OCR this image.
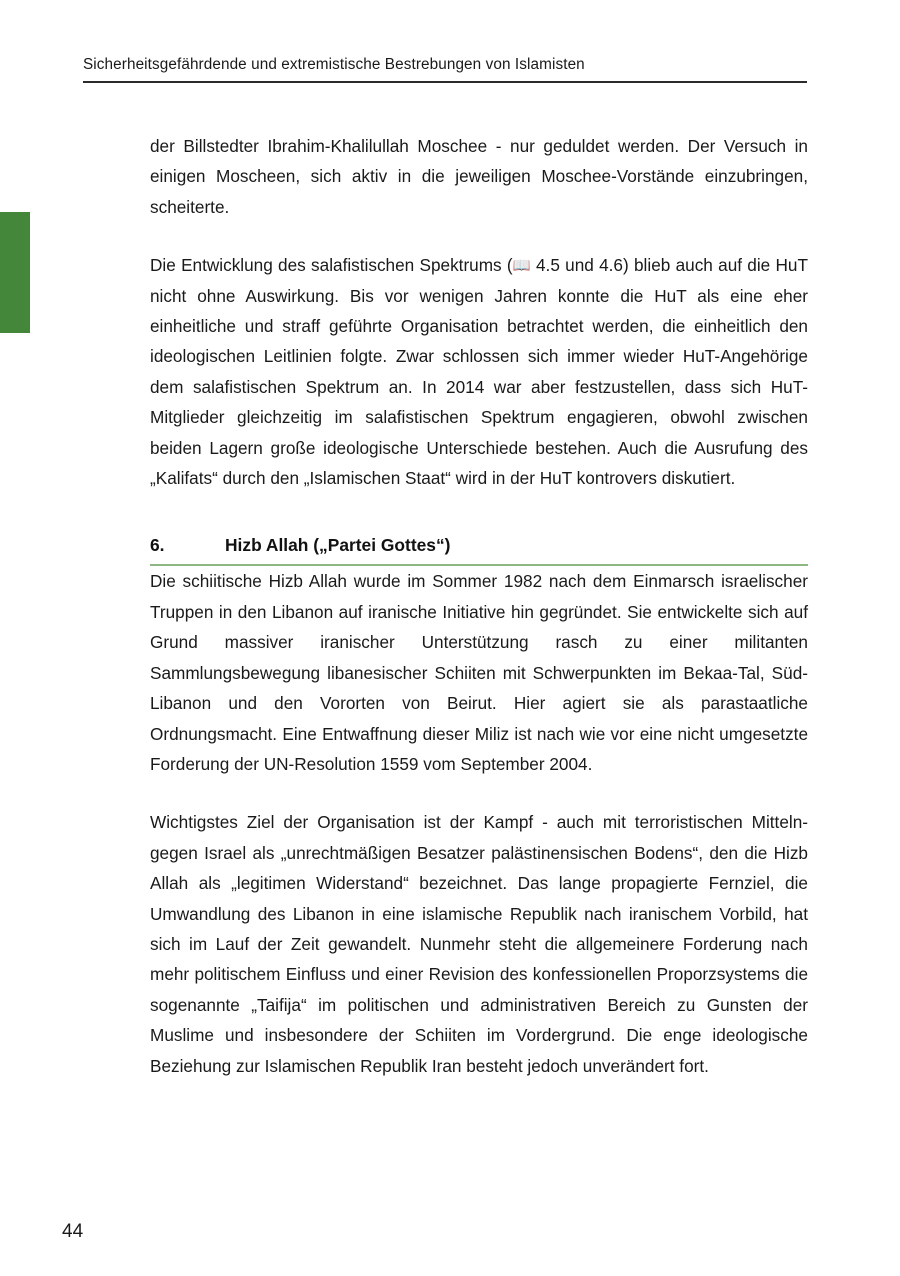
Sicherheitsgefährdende und extremistische Bestrebungen von Islamisten

der Billstedter Ibrahim-Khalilullah Moschee - nur geduldet werden. Der Versuch in einigen Moscheen, sich aktiv in die jeweiligen Moschee-Vorstände einzubringen, scheiterte.

Die Entwicklung des salafistischen Spektrums (📖 4.5 und 4.6) blieb auch auf die HuT nicht ohne Auswirkung. Bis vor wenigen Jahren konnte die HuT als eine eher einheitliche und straff geführte Organisation betrachtet werden, die einheitlich den ideologischen Leitlinien folgte. Zwar schlossen sich immer wieder HuT-Angehörige dem salafistischen Spektrum an. In 2014 war aber festzustellen, dass sich HuT-Mitglieder gleichzeitig im salafistischen Spektrum engagieren, obwohl zwischen beiden Lagern große ideologische Unterschiede bestehen. Auch die Ausrufung des „Kalifats“ durch den „Islamischen Staat“ wird in der HuT kontrovers diskutiert.

6.	Hizb Allah („Partei Gottes“)

Die schiitische Hizb Allah wurde im Sommer 1982 nach dem Einmarsch israelischer Truppen in den Libanon auf iranische Initiative hin gegründet. Sie entwickelte sich auf Grund massiver iranischer Unterstützung rasch zu einer militanten Sammlungsbewegung libanesischer Schiiten mit Schwerpunkten im Bekaa-Tal, Süd-Libanon und den Vororten von Beirut. Hier agiert sie als parastaatliche Ordnungsmacht. Eine Entwaffnung dieser Miliz ist nach wie vor eine nicht umgesetzte Forderung der UN-Resolution 1559 vom September 2004.

Wichtigstes Ziel der Organisation ist der Kampf - auch mit terroristischen Mitteln- gegen Israel als „unrechtmäßigen Besatzer palästinensischen Bodens“, den die Hizb Allah als „legitimen Widerstand“ bezeichnet. Das lange propagierte Fernziel, die Umwandlung des Libanon in eine islamische Republik nach iranischem Vorbild, hat sich im Lauf der Zeit gewandelt. Nunmehr steht die allgemeinere Forderung nach mehr politischem Einfluss und einer Revision des konfessionellen Proporzsystems die sogenannte „Taifija“ im politischen und administrativen Bereich zu Gunsten der Muslime und insbesondere der Schiiten im Vordergrund. Die enge ideologische Beziehung zur Islamischen Republik Iran besteht jedoch unverändert fort.

44
